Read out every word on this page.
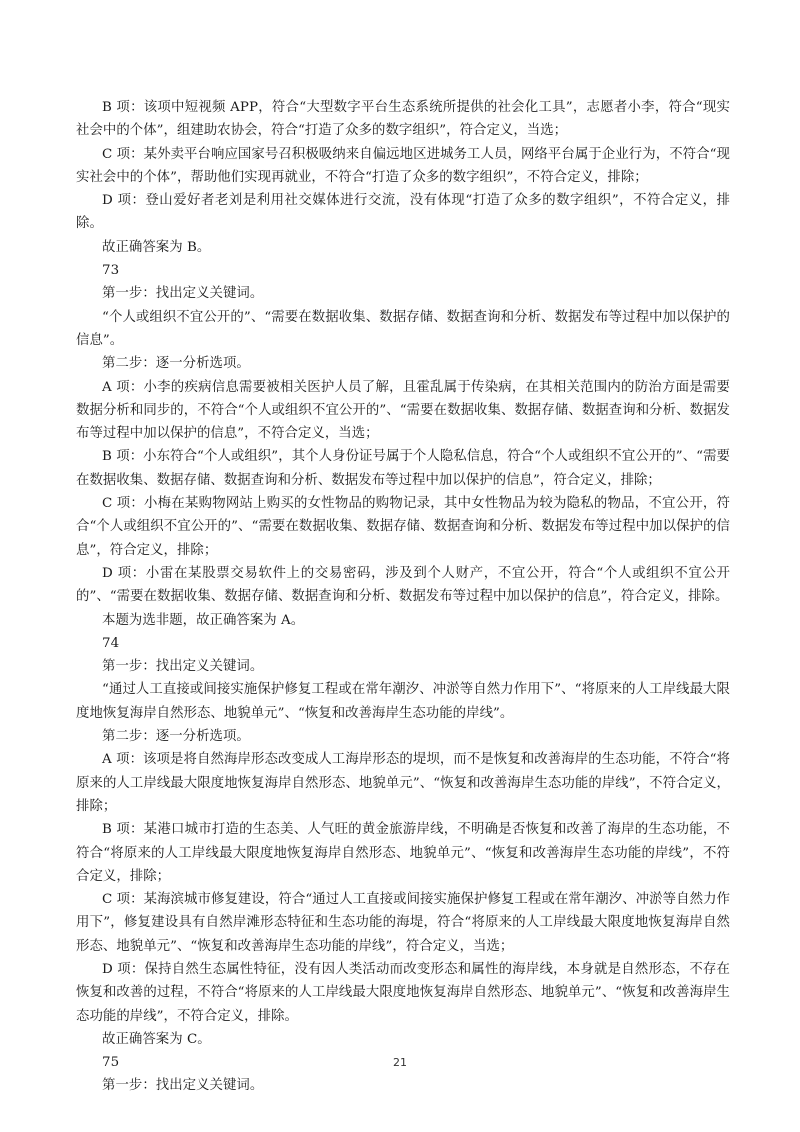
B 项：该项中短视频 APP，符合“大型数字平台生态系统所提供的社会化工具”，志愿者小李，符合“现实社会中的个体”，组建助农协会，符合“打造了众多的数字组织”，符合定义，当选；

C 项：某外卖平台响应国家号召积极吸纳来自偏远地区进城务工人员，网络平台属于企业行为，不符合“现实社会中的个体”，帮助他们实现再就业，不符合“打造了众多的数字组织”，不符合定义，排除；

D 项：登山爱好者老刘是利用社交媒体进行交流，没有体现“打造了众多的数字组织”，不符合定义，排除。

故正确答案为 B。

73

第一步：找出定义关键词。

“个人或组织不宜公开的”、“需要在数据收集、数据存储、数据查询和分析、数据发布等过程中加以保护的信息”。

第二步：逐一分析选项。

A 项：小李的疾病信息需要被相关医护人员了解，且霍乱属于传染病，在其相关范围内的防治方面是需要数据分析和同步的，不符合“个人或组织不宜公开的”、“需要在数据收集、数据存储、数据查询和分析、数据发布等过程中加以保护的信息”，不符合定义，当选；

B 项：小东符合“个人或组织”，其个人身份证号属于个人隐私信息，符合“个人或组织不宜公开的”、“需要在数据收集、数据存储、数据查询和分析、数据发布等过程中加以保护的信息”，符合定义，排除；

C 项：小梅在某购物网站上购买的女性物品的购物记录，其中女性物品为较为隐私的物品，不宜公开，符合“个人或组织不宜公开的”、“需要在数据收集、数据存储、数据查询和分析、数据发布等过程中加以保护的信息”，符合定义，排除；

D 项：小雷在某股票交易软件上的交易密码，涉及到个人财产，不宜公开，符合“个人或组织不宜公开的”、“需要在数据收集、数据存储、数据查询和分析、数据发布等过程中加以保护的信息”，符合定义，排除。

本题为选非题，故正确答案为 A。

74

第一步：找出定义关键词。

“通过人工直接或间接实施保护修复工程或在常年潮汐、冲淤等自然力作用下”、“将原来的人工岸线最大限度地恢复海岸自然形态、地貌单元”、“恢复和改善海岸生态功能的岸线”。

第二步：逐一分析选项。

A 项：该项是将自然海岸形态改变成人工海岸形态的堤坝，而不是恢复和改善海岸的生态功能，不符合“将原来的人工岸线最大限度地恢复海岸自然形态、地貌单元”、“恢复和改善海岸生态功能的岸线”，不符合定义，排除；

B 项：某港口城市打造的生态美、人气旺的黄金旅游岸线，不明确是否恢复和改善了海岸的生态功能，不符合“将原来的人工岸线最大限度地恢复海岸自然形态、地貌单元”、“恢复和改善海岸生态功能的岸线”，不符合定义，排除；

C 项：某海滨城市修复建设，符合“通过人工直接或间接实施保护修复工程或在常年潮汐、冲淤等自然力作用下”，修复建设具有自然岸滩形态特征和生态功能的海堤，符合“将原来的人工岸线最大限度地恢复海岸自然形态、地貌单元”、“恢复和改善海岸生态功能的岸线”，符合定义，当选；

D 项：保持自然生态属性特征，没有因人类活动而改变形态和属性的海岸线，本身就是自然形态，不存在恢复和改善的过程，不符合“将原来的人工岸线最大限度地恢复海岸自然形态、地貌单元”、“恢复和改善海岸生态功能的岸线”，不符合定义，排除。

故正确答案为 C。

75

第一步：找出定义关键词。

21
